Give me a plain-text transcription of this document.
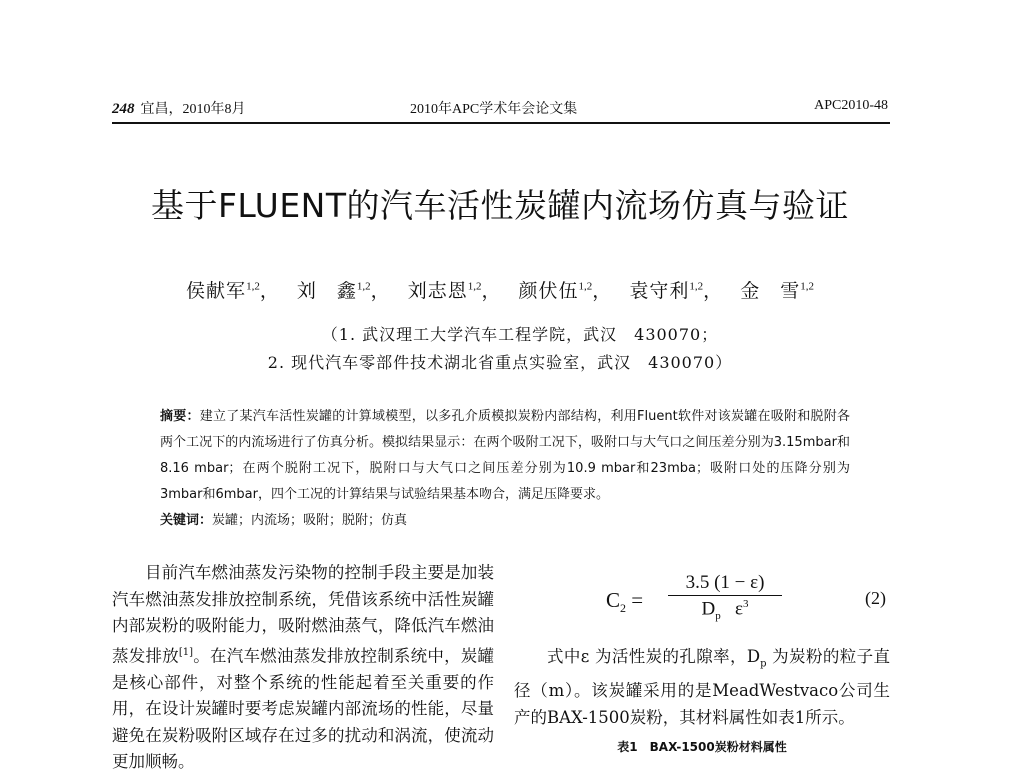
248 宜昌，2010年8月	2010年APC学术年会论文集	APC2010-48
基于FLUENT的汽车活性炭罐内流场仿真与验证
侯献军$^{1,2}$， 刘　鑫$^{1,2}$， 刘志恩$^{1,2}$， 颜伏伍$^{1,2}$， 袁守利$^{1,2}$， 金　雪$^{1,2}$
（1. 武汉理工大学汽车工程学院，武汉　430070；
2. 现代汽车零部件技术湖北省重点实验室，武汉　430070）
摘要：建立了某汽车活性炭罐的计算域模型，以多孔介质模拟炭粉内部结构，利用Fluent软件对该炭罐在吸附和脱附各两个工况下的内流场进行了仿真分析。模拟结果显示：在两个吸附工况下，吸附口与大气口之间压差分别为3.15mbar和8.16 mbar；在两个脱附工况下，脱附口与大气口之间压差分别为10.9 mbar和23mba；吸附口处的压降分别为3mbar和6mbar，四个工况的计算结果与试验结果基本吻合，满足压降要求。
关键词：炭罐；内流场；吸附；脱附；仿真
目前汽车燃油蒸发污染物的控制手段主要是加装汽车燃油蒸发排放控制系统，凭借该系统中活性炭罐内部炭粉的吸附能力，吸附燃油蒸气，降低汽车燃油蒸发排放[1]。在汽车燃油蒸发排放控制系统中，炭罐是核心部件，对整个系统的性能起着至关重要的作用，在设计炭罐时要考虑炭罐内部流场的性能，尽量避免在炭粉吸附区域存在过多的扰动和涡流，使流动更加顺畅。
$C_2 = \frac{3.5 (1 - \varepsilon)}{D_p \varepsilon^3}$	(2)
式中ε 为活性炭的孔隙率，$D_p$ 为炭粉的粒子直径（m）。该炭罐采用的是MeadWestvaco公司生产的BAX-1500炭粉，其材料属性如表1所示。
表1　BAX-1500炭粉材料属性
